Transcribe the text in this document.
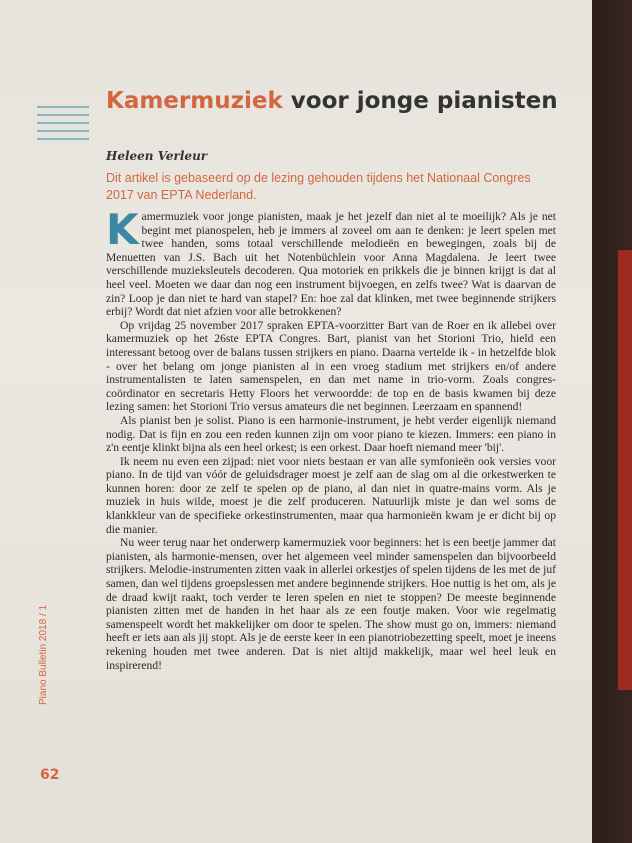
Kamermuziek voor jonge pianisten
Heleen Verleur
Dit artikel is gebaseerd op de lezing gehouden tijdens het Nationaal Congres 2017 van EPTA Nederland.

Kamermuziek voor jonge pianisten, maak je het jezelf dan niet al te moeilijk? Als je net begint met pianospelen, heb je immers al zoveel om aan te denken: je leert spelen met twee handen, soms totaal verschillende melodieën en bewegingen, zoals bij de Menuetten van J.S. Bach uit het Notenbüchlein voor Anna Magdalena. Je leert twee verschillende muzieksleutels decoderen. Qua motoriek en prikkels die je binnen krijgt is dat al heel veel. Moeten we daar dan nog een instrument bijvoegen, en zelfs twee? Wat is daarvan de zin? Loop je dan niet te hard van stapel? En: hoe zal dat klinken, met twee beginnende strijkers erbij? Wordt dat niet afzien voor alle betrokkenen?

Op vrijdag 25 november 2017 spraken EPTA-voorzitter Bart van de Roer en ik allebei over kamermuziek op het 26ste EPTA Congres. Bart, pianist van het Storioni Trio, hield een interessant betoog over de balans tussen strijkers en piano. Daarna vertelde ik - in hetzelfde blok - over het belang om jonge pianisten al in een vroeg stadium met strijkers en/of andere instrumentalisten te laten samenspelen, en dan met name in trio-vorm. Zoals congres-coördinator en secretaris Hetty Floors het verwoordde: de top en de basis kwamen bij deze lezing samen: het Storioni Trio versus amateurs die net beginnen. Leerzaam en spannend!

Als pianist ben je solist. Piano is een harmonie-instrument, je hebt verder eigenlijk niemand nodig. Dat is fijn en zou een reden kunnen zijn om voor piano te kiezen. Immers: een piano in z'n eentje klinkt bijna als een heel orkest; is een orkest. Daar hoeft niemand meer 'bij'.

Ik neem nu even een zijpad: niet voor niets bestaan er van alle symfonieën ook versies voor piano. In de tijd van vóór de geluidsdrager moest je zelf aan de slag om al die orkestwerken te kunnen horen: door ze zelf te spelen op de piano, al dan niet in quatre-mains vorm. Als je muziek in huis wilde, moest je die zelf produceren. Natuurlijk miste je dan wel soms de klankkleur van de specifieke orkestinstrumenten, maar qua harmonieën kwam je er dicht bij op die manier.

Nu weer terug naar het onderwerp kamermuziek voor beginners: het is een beetje jammer dat pianisten, als harmonie-mensen, over het algemeen veel minder samenspelen dan bijvoorbeeld strijkers. Melodie-instrumenten zitten vaak in allerlei orkestjes of spelen tijdens de les met de juf samen, dan wel tijdens groepslessen met andere beginnende strijkers. Hoe nuttig is het om, als je de draad kwijt raakt, toch verder te leren spelen en niet te stoppen? De meeste beginnende pianisten zitten met de handen in het haar als ze een foutje maken. Voor wie regelmatig samenspeelt wordt het makkelijker om door te spelen. The show must go on, immers: niemand heeft er iets aan als jij stopt. Als je de eerste keer in een pianotriobezetting speelt, moet je ineens rekening houden met twee anderen. Dat is niet altijd makkelijk, maar wel heel leuk en inspirerend!

Piano Bulletin 2018 / 1
62
